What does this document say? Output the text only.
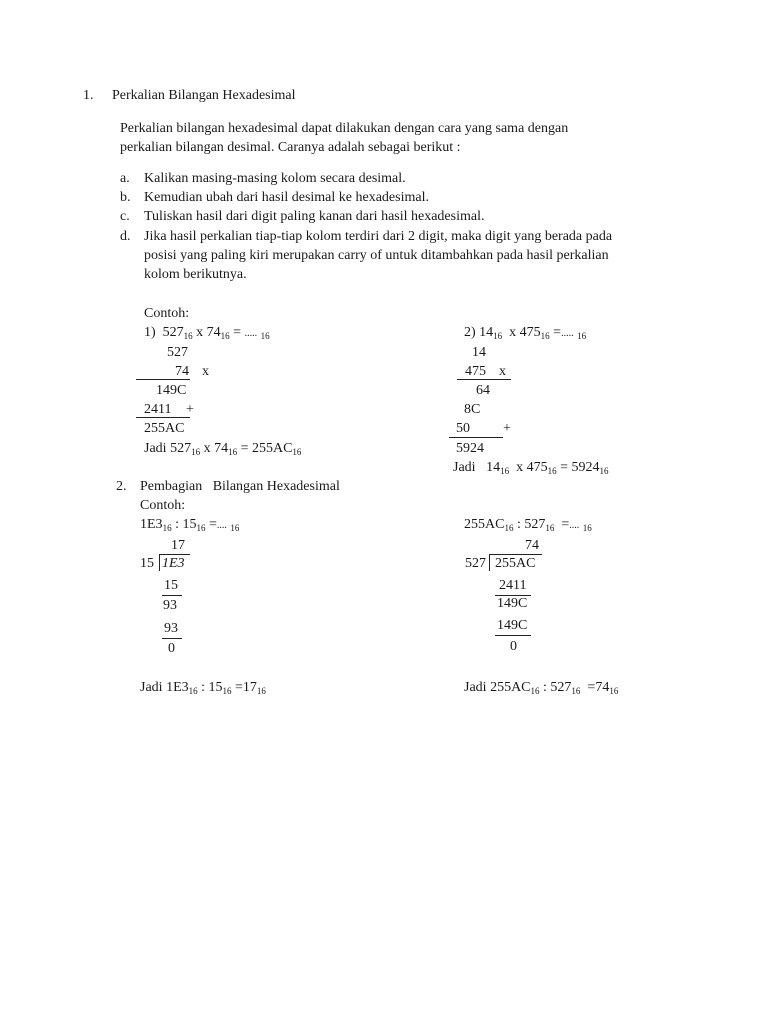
1. Perkalian Bilangan Hexadesimal
Perkalian bilangan hexadesimal dapat dilakukan dengan cara yang sama dengan
perkalian bilangan desimal. Caranya adalah sebagai berikut :
a. Kalikan masing-masing kolom secara desimal.
b. Kemudian ubah dari hasil desimal ke hexadesimal.
c. Tuliskan hasil dari digit paling kanan dari hasil hexadesimal.
d. Jika hasil perkalian tiap-tiap kolom terdiri dari 2 digit, maka digit yang berada pada
posisi yang paling kiri merupakan carry of untuk ditambahkan pada hasil perkalian
kolom berikutnya.
Contoh:
1) $527_{16}$ x $74_{16}$ = ..... $_{16}$
527
74 x
149C
2411 +
255AC
Jadi $527_{16}$ x $74_{16} = 255AC_{16}$
2) $14_{16}$ x $475_{16}$ =..... $_{16}$
14
475 x
64
8C
50 +
5924
Jadi $14_{16}$ x $475_{16} = 5924_{16}$
2. Pembagian   Bilangan Hexadesimal
Contoh:
$1E3_{16}$ : $15_{16}$ =.... $_{16}$
17
15 1E3
15
93
93
0
Jadi $1E3_{16}$ : $15_{16} =17_{16}$
$255AC_{16}$ : $527_{16}$ =.... $_{16}$
74
527 255AC
2411
149C
149C
0
Jadi $255AC_{16}$ : $527_{16} =74_{16}$
